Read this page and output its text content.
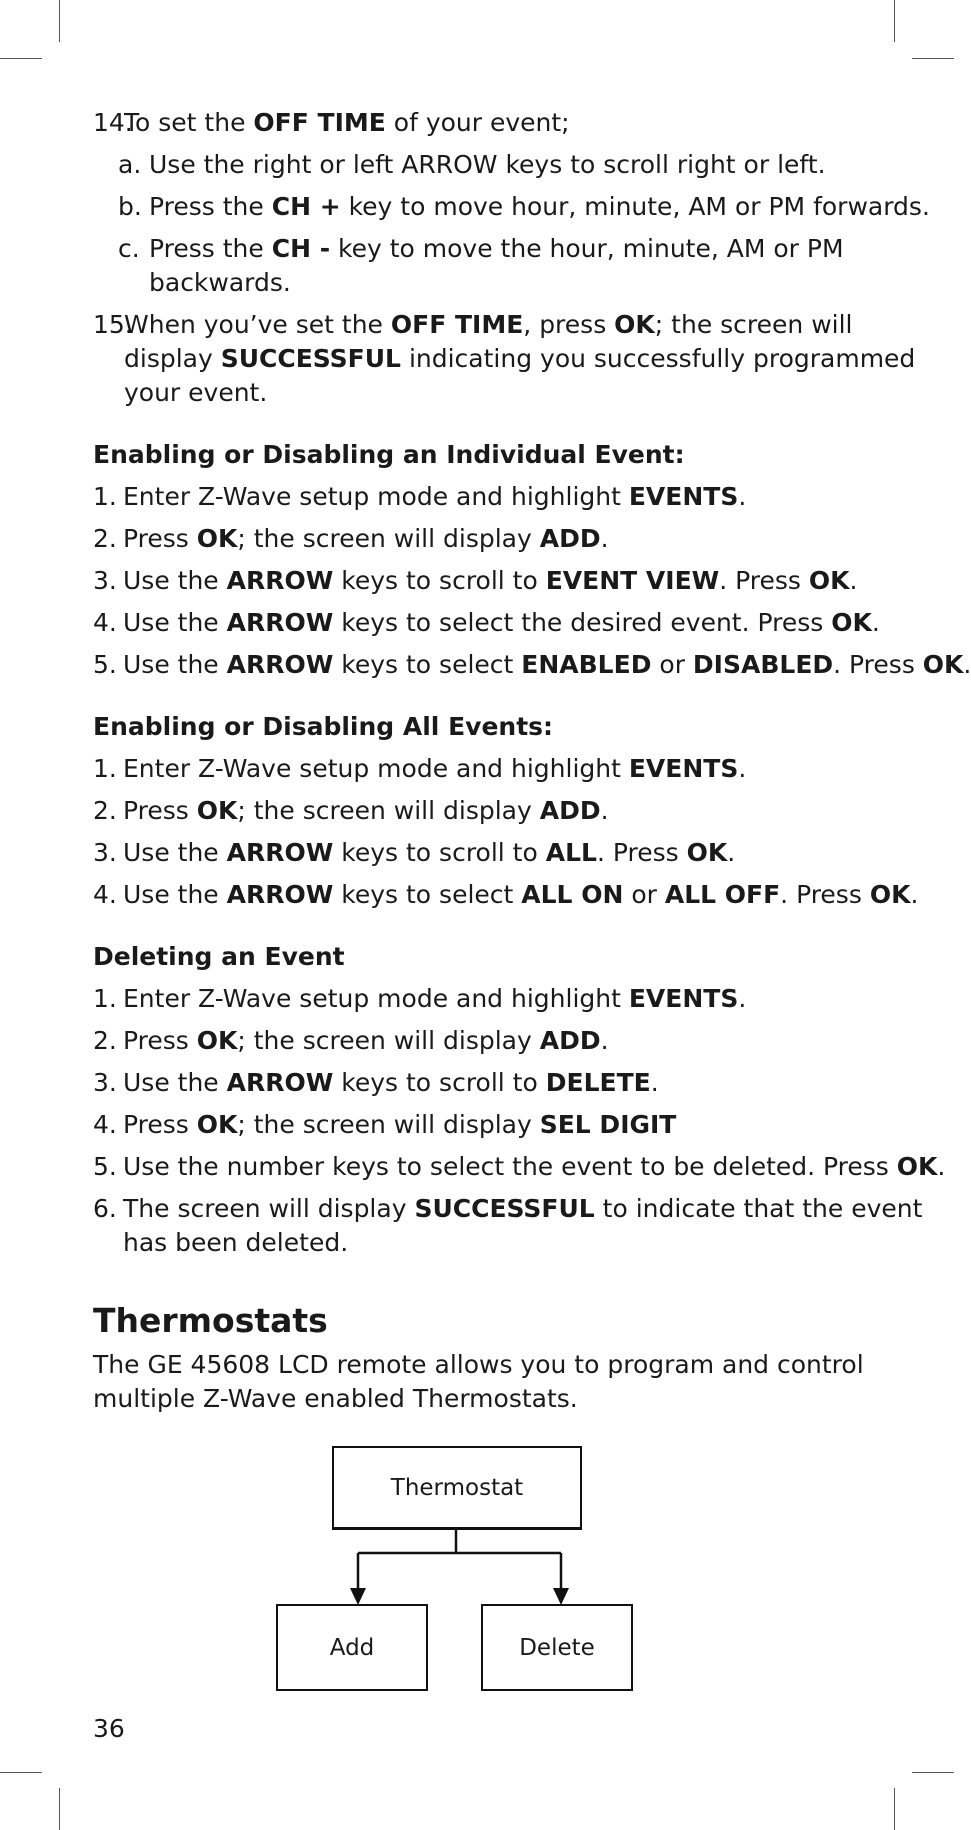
14.

To set the OFF TIME of your event;

a. Use the right or left ARROW keys to scroll right or left.

b. Press the CH + key to move hour, minute, AM or PM forwards.

c. Press the CH - key to move the hour, minute, AM or PM

backwards.

15.

When you’ve set the OFF TIME, press OK; the screen will

display SUCCESSFUL indicating you successfully programmed

your event.

Enabling or Disabling an Individual Event:

1. Enter Z-Wave setup mode and highlight EVENTS.

2. Press OK; the screen will display ADD.

3. Use the ARROW keys to scroll to EVENT VIEW. Press OK.

4. Use the ARROW keys to select the desired event. Press OK.

5. Use the ARROW keys to select ENABLED or DISABLED. Press OK.

Enabling or Disabling All Events:

1. Enter Z-Wave setup mode and highlight EVENTS.

2. Press OK; the screen will display ADD.

3. Use the ARROW keys to scroll to ALL. Press OK.

4. Use the ARROW keys to select ALL ON or ALL OFF. Press OK.

Deleting an Event

1. Enter Z-Wave setup mode and highlight EVENTS.

2. Press OK; the screen will display ADD.

3. Use the ARROW keys to scroll to DELETE.

4. Press OK; the screen will display SEL DIGIT

5. Use the number keys to select the event to be deleted. Press OK.

6. The screen will display SUCCESSFUL to indicate that the event

has been deleted.

Thermostats

The GE 45608 LCD remote allows you to program and control

multiple Z-Wave enabled Thermostats.

Thermostat
Add	Delete
36
